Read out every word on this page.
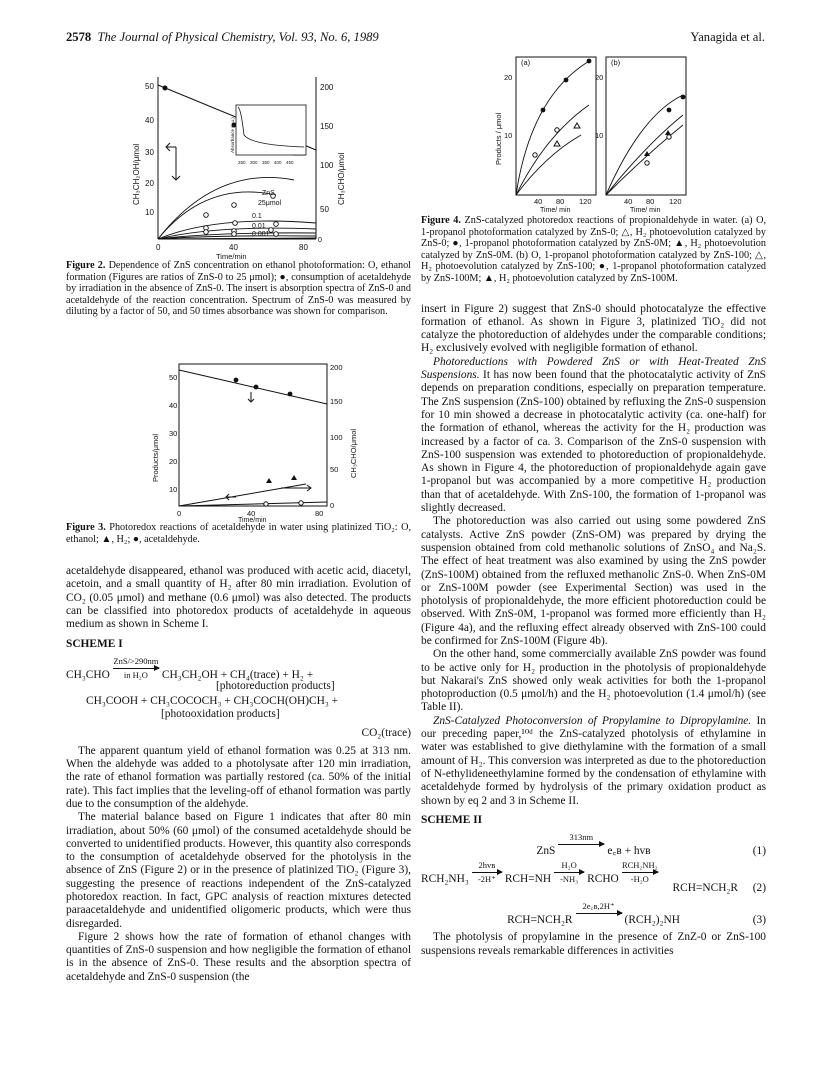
2578 The Journal of Physical Chemistry, Vol. 93, No. 6, 1989	Yanagida et al.
10
20
30
40
50
50
100
150
200
0	40	80
Time/min
CH₃CH₂OH/μmol	CH₃CHO/μmol
ZnS
25μmol
0.1
0.01
0.001
0
250 300 350 400 450
Absorbance (a.u.)
Figure 2. Dependence of ZnS concentration on ethanol photoformation: O, ethanol formation (Figures are ratios of ZnS-0 to 25 μmol); ●, consumption of acetaldehyde by irradiation in the absence of ZnS-0. The insert is absorption spectra of ZnS-0 and acetaldehyde of the reaction concentration. Spectrum of ZnS-0 was measured by diluting by a factor of 50, and 50 times absorbance was shown for comparison.
10
20
30
40
50
0
50
100
150
200
0	40	80
Time/min
Products/μmol	CH₃CHO/μmol
Figure 3. Photoredox reactions of acetaldehyde in water using platinized TiO₂: O, ethanol; ▲, H₂; ●, acetaldehyde.

acetaldehyde disappeared, ethanol was produced with acetic acid, diacetyl, acetoin, and a small quantity of H₂ after 80 min irradiation. Evolution of CO₂ (0.05 μmol) and methane (0.6 μmol) was also detected. The products can be classified into photoredox products of acetaldehyde in aqueous medium as shown in Scheme I.

SCHEME I
CH₃CHO
ZnS/>290nm
in H₂O CH₃CH₂OH + CH₄(trace) + H₂ +
[photoreduction products]
CH₃COOH + CH₃COCOCH₃ + CH₃COCH(OH)CH₃ +
[photooxidation products]
CO₂(trace)

The apparent quantum yield of ethanol formation was 0.25 at 313 nm. When the aldehyde was added to a photolysate after 120 min irradiation, the rate of ethanol formation was partially restored (ca. 50% of the initial rate). This fact implies that the leveling-off of ethanol formation was partly due to the consumption of the aldehyde.

The material balance based on Figure 1 indicates that after 80 min irradiation, about 50% (60 μmol) of the consumed acetaldehyde should be converted to unidentified products. However, this quantity also corresponds to the consumption of acetaldehyde observed for the photolysis in the absence of ZnS (Figure 2) or in the presence of platinized TiO₂ (Figure 3), suggesting the presence of reactions independent of the ZnS-catalyzed photoredox reaction. In fact, GPC analysis of reaction mixtures detected paraacetaldehyde and unidentified oligomeric products, which were thus disregarded.

Figure 2 shows how the rate of formation of ethanol changes with quantities of ZnS-0 suspension and how negligible the formation of ethanol is in the absence of ZnS-0. These results and the absorption spectra of acetaldehyde and ZnS-0 suspension (the

(a)	(b)
20
10
20
10
Products / μmol
40 80 120	40 80 120
Time/ min	Time/ min
Figure 4. ZnS-catalyzed photoredox reactions of propionaldehyde in water. (a) O, 1-propanol photoformation catalyzed by ZnS-0; △, H₂ photoevolution catalyzed by ZnS-0; ●, 1-propanol photoformation catalyzed by ZnS-0M; ▲, H₂ photoevolution catalyzed by ZnS-0M. (b) O, 1-propanol photoformation catalyzed by ZnS-100; △, H₂ photoevolution catalyzed by ZnS-100; ●, 1-propanol photoformation catalyzed by ZnS-100M; ▲, H₂ photoevolution catalyzed by ZnS-100M.

insert in Figure 2) suggest that ZnS-0 should photocatalyze the effective formation of ethanol. As shown in Figure 3, platinized TiO₂ did not catalyze the photoreduction of aldehydes under the comparable conditions; H₂ exclusively evolved with negligible formation of ethanol.

Photoreductions with Powdered ZnS or with Heat-Treated ZnS Suspensions. It has now been found that the photocatalytic activity of ZnS depends on preparation conditions, especially on preparation temperature. The ZnS suspension (ZnS-100) obtained by refluxing the ZnS-0 suspension for 10 min showed a decrease in photocatalytic activity (ca. one-half) for the formation of ethanol, whereas the activity for the H₂ production was increased by a factor of ca. 3. Comparison of the ZnS-0 suspension with ZnS-100 suspension was extended to photoreduction of propionaldehyde. As shown in Figure 4, the photoreduction of propionaldehyde again gave 1-propanol but was accompanied by a more competitive H₂ production than that of acetaldehyde. With ZnS-100, the formation of 1-propanol was slightly decreased.

The photoreduction was also carried out using some powdered ZnS catalysts. Active ZnS powder (ZnS-OM) was prepared by drying the suspension obtained from cold methanolic solutions of ZnSO₄ and Na₂S. The effect of heat treatment was also examined by using the ZnS powder (ZnS-100M) obtained from the refluxed methanolic ZnS-0. When ZnS-0M or ZnS-100M powder (see Experimental Section) was used in the photolysis of propionaldehyde, the more efficient photoreduction could be observed. With ZnS-0M, 1-propanol was formed more efficiently than H₂ (Figure 4a), and the refluxing effect already observed with ZnS-100 could be confirmed for ZnS-100M (Figure 4b).

On the other hand, some commercially available ZnS powder was found to be active only for H₂ production in the photolysis of propionaldehyde but Nakarai's ZnS showed only weak activities for both the 1-propanol photoproduction (0.5 μmol/h) and the H₂ photoevolution (1.4 μmol/h) (see Table II).

ZnS-Catalyzed Photoconversion of Propylamine to Dipropylamine. In our preceding paper,¹⁰ᵈ the ZnS-catalyzed photolysis of ethylamine in water was established to give diethylamine with the formation of a small amount of H₂. This conversion was interpreted as due to the photoreduction of N-ethylideneethylamine formed by the condensation of ethylamine with acetaldehyde formed by hydrolysis of the primary oxidation product as shown by eq 2 and 3 in Scheme II.

SCHEME II
ZnS
313nm

e꜀ʙ + hᴠʙ	(1)
RCH₂NH₃
2hᴠʙ
-2H⁺ RCH=NH
H₂O
-NH₃ RCHO
RCH₂NH₂
-H₂O
RCH=NCH₂R (2)
RCH=NCH₂R
2e꜀ʙ,2H⁺

(RCH₂)₂NH	(3)

The photolysis of propylamine in the presence of ZnZ-0 or ZnS-100 suspensions reveals remarkable differences in activities
